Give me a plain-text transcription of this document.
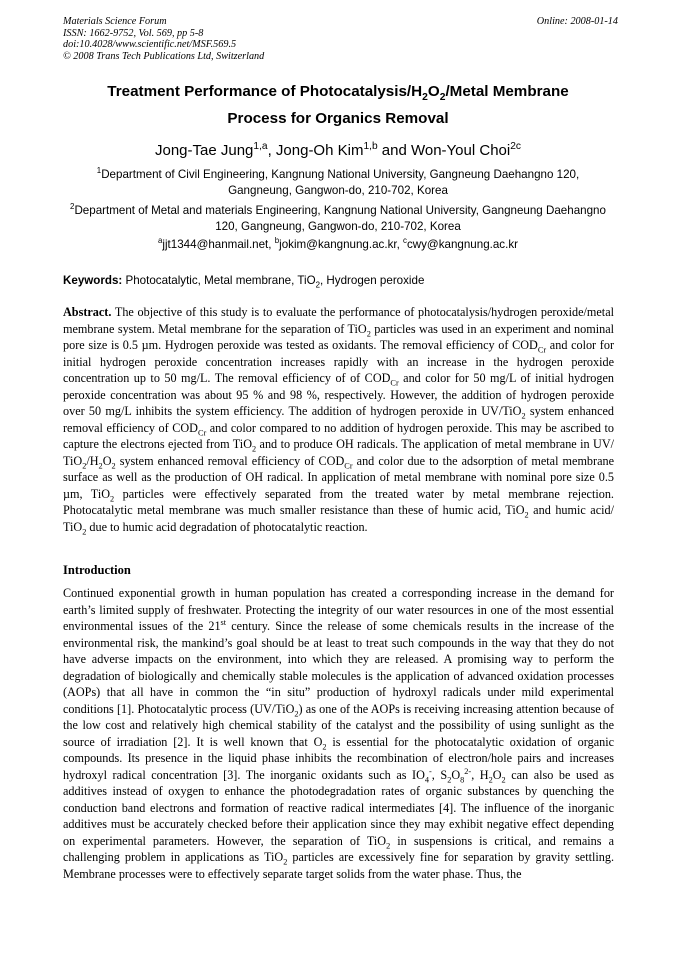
Materials Science Forum
ISSN: 1662-9752, Vol. 569, pp 5-8
doi:10.4028/www.scientific.net/MSF.569.5
© 2008 Trans Tech Publications Ltd, Switzerland
Online: 2008-01-14
Treatment Performance of Photocatalysis/$H_2O_2$/Metal Membrane
Process for Organics Removal
Jong-Tae Jung$^{1,a}$, Jong-Oh Kim$^{1,b}$ and Won-Youl Choi$^{2c}$
$^1$Department of Civil Engineering, Kangnung National University, Gangneung Daehangno 120, Gangneung, Gangwon-do, 210-702, Korea
$^2$Department of Metal and materials Engineering, Kangnung National University, Gangneung Daehangno 120, Gangneung, Gangwon-do, 210-702, Korea
$^a$jjt1344@hanmail.net, $^b$jokim@kangnung.ac.kr, $^c$cwy@kangnung.ac.kr
Keywords: Photocatalytic, Metal membrane, TiO$_2$, Hydrogen peroxide
Abstract. The objective of this study is to evaluate the performance of photocatalysis/hydrogen peroxide/metal membrane system. Metal membrane for the separation of TiO$_2$ particles was used in an experiment and nominal pore size is 0.5 µm. Hydrogen peroxide was tested as oxidants. The removal efficiency of $COD_{Cr}$ and color for initial hydrogen peroxide concentration increases rapidly with an increase in the hydrogen peroxide concentration up to 50 mg/L. The removal efficiency of of $COD_{Cr}$ and color for 50 mg/L of initial hydrogen peroxide concentration was about 95 % and 98 %, respectively. However, the addition of hydrogen peroxide over 50 mg/L inhibits the system efficiency. The addition of hydrogen peroxide in UV/TiO$_2$ system enhanced removal efficiency of $COD_{Cr}$ and color compared to no addition of hydrogen peroxide. This may be ascribed to capture the electrons ejected from TiO$_2$ and to produce OH radicals. The application of metal membrane in UV/ $TiO_2/H_2O_2$ system enhanced removal efficiency of $COD_{Cr}$ and color due to the adsorption of metal membrane surface as well as the production of OH radical. In application of metal membrane with nominal pore size 0.5 µm, TiO$_2$ particles were effectively separated from the treated water by metal membrane rejection. Photocatalytic metal membrane was much smaller resistance than these of humic acid, TiO$_2$ and humic acid/ TiO$_2$ due to humic acid degradation of photocatalytic reaction.
Introduction
Continued exponential growth in human population has created a corresponding increase in the demand for earth’s limited supply of freshwater. Protecting the integrity of our water resources in one of the most essential environmental issues of the 21st century. Since the release of some chemicals results in the increase of the environmental risk, the mankind’s goal should be at least to treat such compounds in the way that they do not have adverse impacts on the environment, into which they are released. A promising way to perform the degradation of biologically and chemically stable molecules is the application of advanced oxidation processes (AOPs) that all have in common the “in situ” production of hydroxyl radicals under mild experimental conditions [1]. Photocatalytic process (UV/TiO$_2$) as one of the AOPs is receiving increasing attention because of the low cost and relatively high chemical stability of the catalyst and the possibility of using sunlight as the source of irradiation [2]. It is well known that $O_2$ is essential for the photocatalytic oxidation of organic compounds. Its presence in the liquid phase inhibits the recombination of electron/hole pairs and increases hydroxyl radical concentration [3]. The inorganic oxidants such as $IO_4^-$, $S_2O_8^{2-}$, $H_2O_2$ can also be used as additives instead of oxygen to enhance the photodegradation rates of organic substances by quenching the conduction band electrons and formation of reactive radical intermediates [4]. The influence of the inorganic additives must be accurately checked before their application since they may exhibit negative effect depending on experimental parameters. However, the separation of TiO$_2$ in suspensions is critical, and remains a challenging problem in applications as TiO$_2$ particles are excessively fine for separation by gravity settling. Membrane processes were to effectively separate target solids from the water phase. Thus, the
